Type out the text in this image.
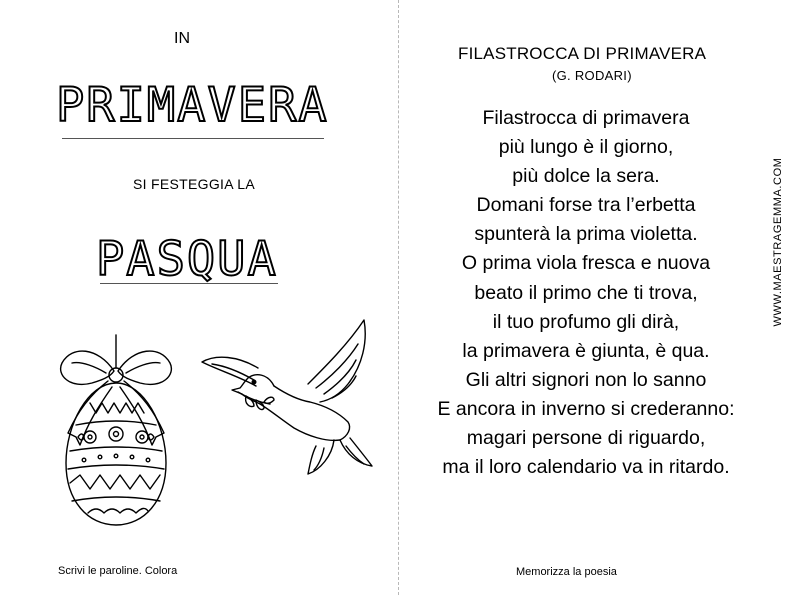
IN
PRIMAVERA
SI FESTEGGIA LA
PASQUA
Scrivi le paroline. Colora
FILASTROCCA DI PRIMAVERA
(G. RODARI)
Filastrocca di primavera
più lungo è il giorno,
più dolce la sera.
Domani forse tra l’erbetta
spunterà la prima violetta.
O prima viola fresca e nuova
beato il primo che ti trova,
il tuo profumo gli dirà,
la primavera è giunta, è qua.
Gli altri signori non lo sanno
E ancora in inverno si crederanno:
magari persone di riguardo,
ma il loro calendario va in ritardo.
WWW.MAESTRAGEMMA.COM
Memorizza la poesia
